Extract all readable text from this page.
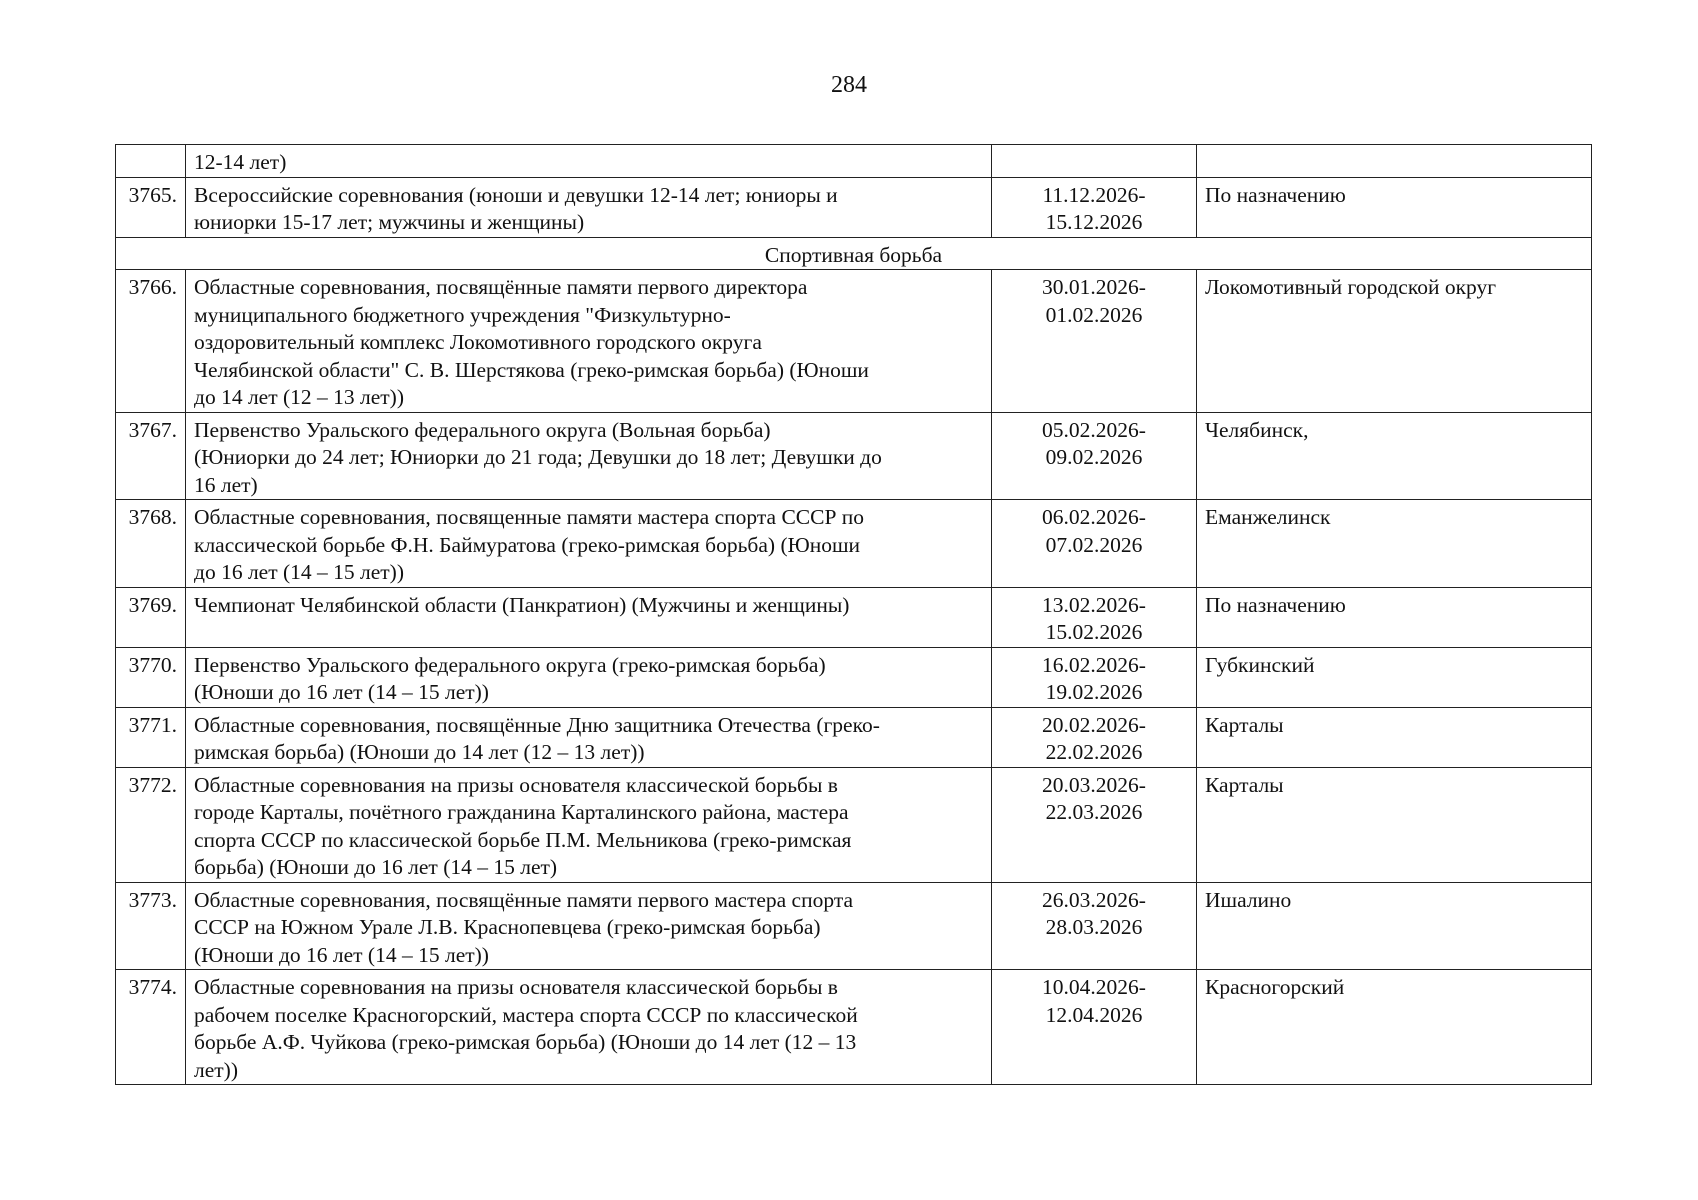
284

	12-14 лет)		

3765.	Всероссийские соревнования (юноши и девушки 12-14 лет; юниоры и
юниорки 15-17 лет; мужчины и женщины)	11.12.2026-
15.12.2026	По назначению
Спортивная борьба			
3766.	Областные соревнования, посвящённые памяти первого директора
муниципального бюджетного учреждения "Физкультурно-
оздоровительный комплекс Локомотивного городского округа
Челябинской области" С. В. Шерстякова (греко-римская борьба) (Юноши
до 14 лет (12 – 13 лет))	30.01.2026-
01.02.2026	Локомотивный городской округ
3767.	Первенство Уральского федерального округа (Вольная борьба)
(Юниорки до 24 лет; Юниорки до 21 года; Девушки до 18 лет; Девушки до
16 лет)	05.02.2026-
09.02.2026	Челябинск,
3768.	Областные соревнования, посвященные памяти мастера спорта СССР по
классической борьбе Ф.Н. Баймуратова (греко-римская борьба) (Юноши
до 16 лет (14 – 15 лет))	06.02.2026-
07.02.2026	Еманжелинск
3769.	Чемпионат Челябинской области (Панкратион) (Мужчины и женщины)	13.02.2026-
15.02.2026	По назначению
3770.	Первенство Уральского федерального округа (греко-римская борьба)
(Юноши до 16 лет (14 – 15 лет))	16.02.2026-
19.02.2026	Губкинский
3771.	Областные соревнования, посвящённые Дню защитника Отечества (греко-
римская борьба) (Юноши до 14 лет (12 – 13 лет))	20.02.2026-
22.02.2026	Карталы
3772.	Областные соревнования на призы основателя классической борьбы в
городе Карталы, почётного гражданина Карталинского района, мастера
спорта СССР по классической борьбе П.М. Мельникова (греко-римская
борьба) (Юноши до 16 лет (14 – 15 лет)	20.03.2026-
22.03.2026	Карталы
3773.	Областные соревнования, посвящённые памяти первого мастера спорта
СССР на Южном Урале Л.В. Краснопевцева (греко-римская борьба)
(Юноши до 16 лет (14 – 15 лет))	26.03.2026-
28.03.2026	Ишалино
3774.	Областные соревнования на призы основателя классической борьбы в
рабочем поселке Красногорский, мастера спорта СССР по классической
борьбе А.Ф. Чуйкова (греко-римская борьба) (Юноши до 14 лет (12 – 13
лет))	10.04.2026-
12.04.2026	Красногорский
